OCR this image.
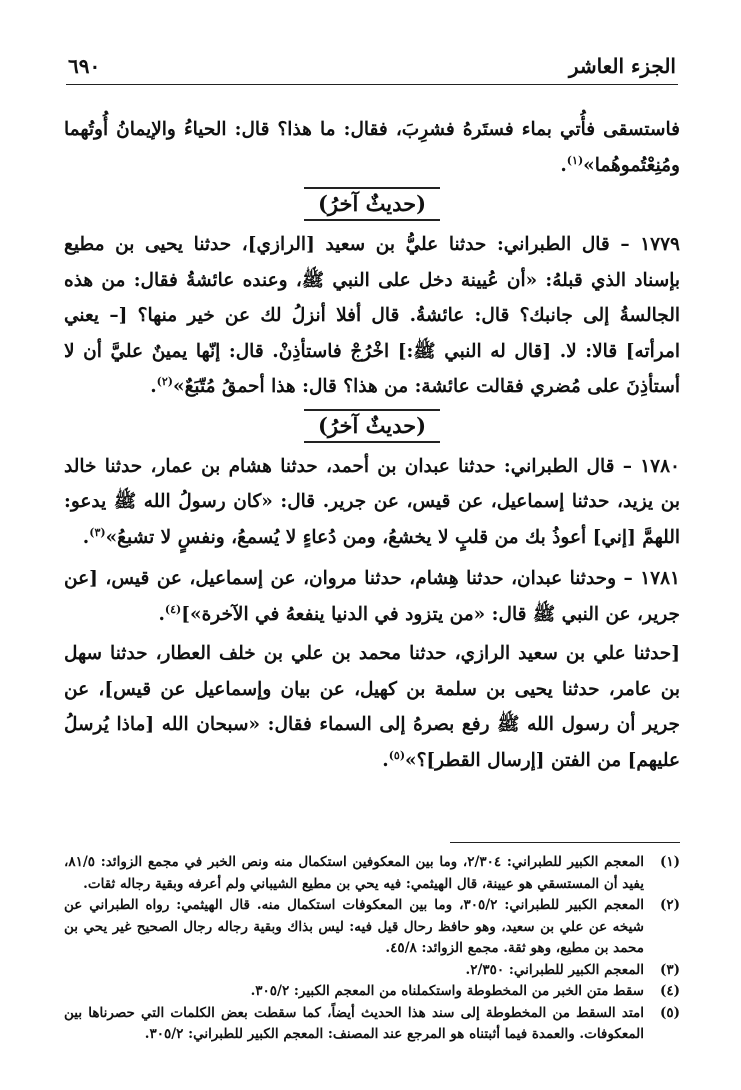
الجزء العاشر
٦٩٠

فاستسقى فأُتي بماء فستَرهُ فشرِبَ، فقال: ما هذا؟ قال: الحياءُ والإيمانُ أُوتُهما ومُنِعْتُموهُما»$^{(١)}$.

(حديثٌ آخرُ)

١٧٧٩ – قال الطبراني: حدثنا عليُّ بن سعيد [الرازي]، حدثنا يحيى بن مطيع بإسناد الذي قبلهُ: «أن عُيينة دخل على النبي ﷺ، وعنده عائشةُ فقال: من هذه الجالسةُ إلى جانبك؟ قال: عائشةُ. قال أفلا أنزلُ لك عن خير منها؟ [– يعني امرأته] قالا: لا. [قال له النبي ﷺ:] اخْرُجْ فاستأذِنْ. قال: إنّها يمينٌ عليَّ أن لا أستأذِنَ على مُضري فقالت عائشة: من هذا؟ قال: هذا أحمقُ مُتّبَعٌ»$^{(٢)}$.

(حديثٌ آخرُ)

١٧٨٠ – قال الطبراني: حدثنا عبدان بن أحمد، حدثنا هشام بن عمار، حدثنا خالد بن يزيد، حدثنا إسماعيل، عن قيس، عن جرير. قال: «كان رسولُ الله ﷺ يدعو: اللهمَّ [إني] أعوذُ بك من قلبٍ لا يخشعُ، ومن دُعاءٍ لا يُسمعُ، ونفسٍ لا تشبعُ»$^{(٣)}$.

١٧٨١ – وحدثنا عبدان، حدثنا هِشام، حدثنا مروان، عن إسماعيل، عن قيس، [عن جرير، عن النبي ﷺ قال: «من يتزود في الدنيا ينفعهُ في الآخرة»]$^{(٤)}$.

[حدثنا علي بن سعيد الرازي، حدثنا محمد بن علي بن خلف العطار، حدثنا سهل بن عامر، حدثنا يحيى بن سلمة بن كهيل، عن بيان وإسماعيل عن قيس]، عن جرير أن رسول الله ﷺ رفع بصرهُ إلى السماء فقال: «سبحان الله [ماذا يُرسلُ عليهم] من الفتن [إرسال القطر]؟»$^{(٥)}$.

(١)
المعجم الكبير للطبراني: ٢/٣٠٤، وما بين المعكوفين استكمال منه ونص الخبر في مجمع الزوائد: ٨١/٥، يفيد أن المستسقي هو عيينة، قال الهيثمي: فيه يحي بن مطيع الشيباني ولم أعرفه وبقية رجاله ثقات.
(٢)
المعجم الكبير للطبراني: ٣٠٥/٢، وما بين المعكوفات استكمال منه. قال الهيثمي: رواه الطبراني عن شيخه عن علي بن سعيد، وهو حافظ رحال قيل فيه: ليس بذاك وبقية رجاله رجال الصحيح غير يحي بن محمد بن مطيع، وهو ثقة. مجمع الزوائد: ٤٥/٨.
(٣)
المعجم الكبير للطبراني: ٢/٣٥٠.
(٤)
سقط متن الخبر من المخطوطة واستكملناه من المعجم الكبير: ٣٠٥/٢.
(٥)
امتد السقط من المخطوطة إلى سند هذا الحديث أيضاً، كما سقطت بعض الكلمات التي حصرناها بين المعكوفات. والعمدة فيما أثبتناه هو المرجع عند المصنف: المعجم الكبير للطبراني: ٣٠٥/٢.
